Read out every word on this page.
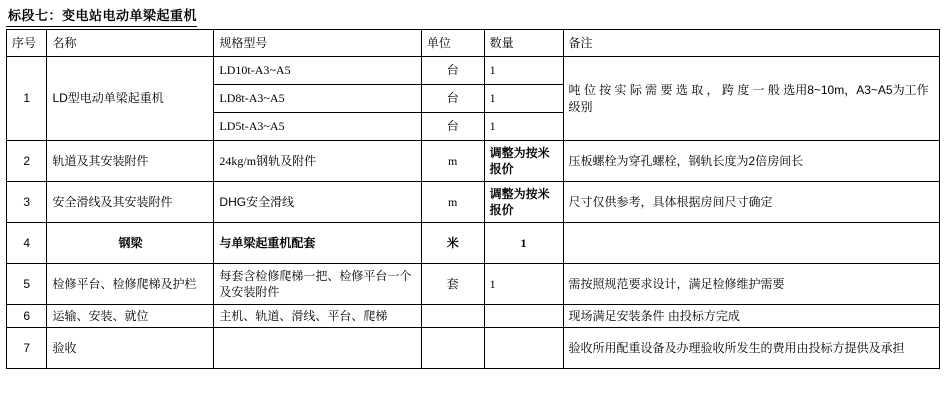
标段七：变电站电动单梁起重机
序号	名称	规格型号	单位	数量	备注
1	LD型电动单梁起重机	LD10t-A3~A5	台	1	吨 位 按 实 际 需 要 选 取 ， 跨 度 一 般 选用8~10m，A3~A5为工作级别
		LD8t-A3~A5	台	1	
		LD5t-A3~A5	台	1	
2	轨道及其安装附件	24kg/m钢轨及附件	m	调整为按米报价	压板螺栓为穿孔螺栓，钢轨长度为2倍房间长
3	安全滑线及其安装附件	DHG安全滑线	m	调整为按米报价	尺寸仅供参考，具体根据房间尺寸确定
4	钢梁	与单梁起重机配套	米	1	
5	检修平台、检修爬梯及护栏	每套含检修爬梯一把、检修平台一个及安装附件	套	1	需按照规范要求设计，满足检修维护需要
6	运输、安装、就位	主机、轨道、滑线、平台、爬梯			现场满足安装条件 由投标方完成
7	验收				验收所用配重设备及办理验收所发生的费用由投标方提供及承担
